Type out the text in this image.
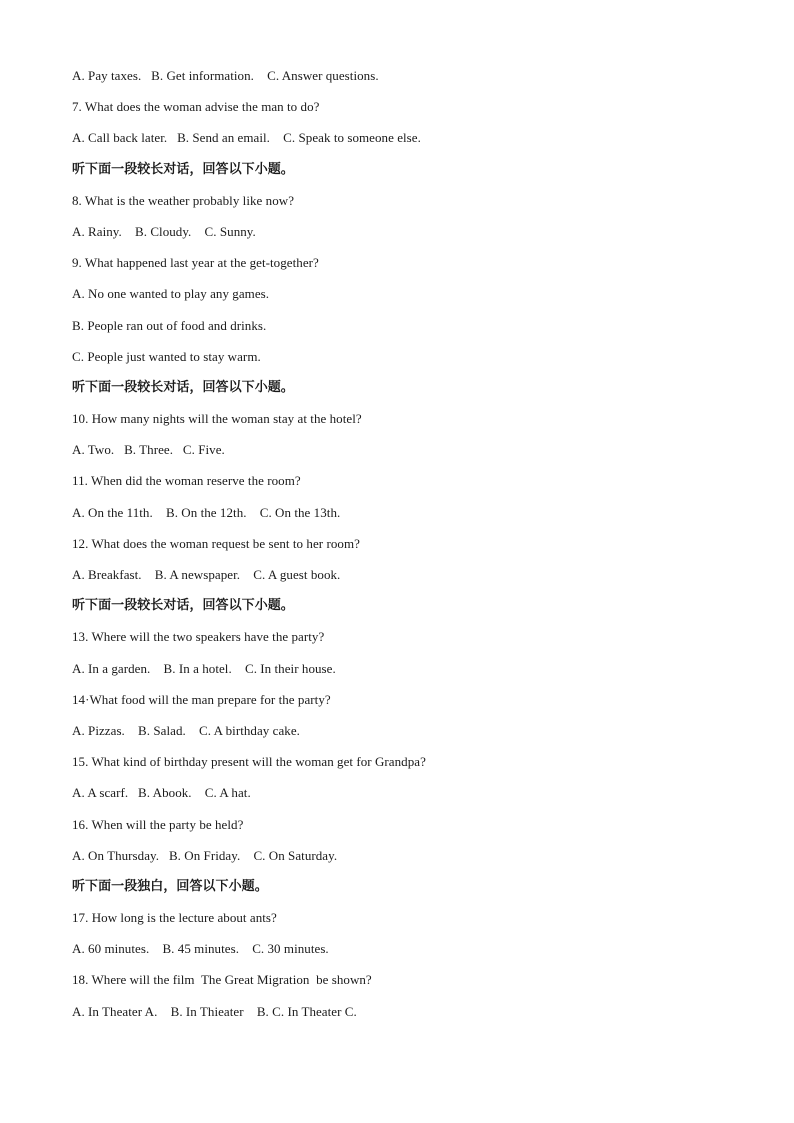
A. Pay taxes.   B. Get information.    C. Answer questions.
7. What does the woman advise the man to do?
A. Call back later.   B. Send an email.    C. Speak to someone else.
听下面一段较长对话，回答以下小题。
8. What is the weather probably like now?
A. Rainy.    B. Cloudy.    C. Sunny.
9. What happened last year at the get-together?
A. No one wanted to play any games.
B. People ran out of food and drinks.
C. People just wanted to stay warm.
听下面一段较长对话，回答以下小题。
10. How many nights will the woman stay at the hotel?
A. Two.   B. Three.   C. Five.
11. When did the woman reserve the room?
A. On the 11th.    B. On the 12th.    C. On the 13th.
12. What does the woman request be sent to her room?
A. Breakfast.    B. A newspaper.    C. A guest book.
听下面一段较长对话，回答以下小题。
13. Where will the two speakers have the party?
A. In a garden.    B. In a hotel.    C. In their house.
14·What food will the man prepare for the party?
A. Pizzas.    B. Salad.    C. A birthday cake.
15. What kind of birthday present will the woman get for Grandpa?
A. A scarf.   B. Abook.    C. A hat.
16. When will the party be held?
A. On Thursday.   B. On Friday.    C. On Saturday.
听下面一段独白，回答以下小题。
17. How long is the lecture about ants?
A. 60 minutes.    B. 45 minutes.    C. 30 minutes.
18. Where will the film  The Great Migration  be shown?
A. In Theater A.    B. In Thieater    B. C. In Theater C.
